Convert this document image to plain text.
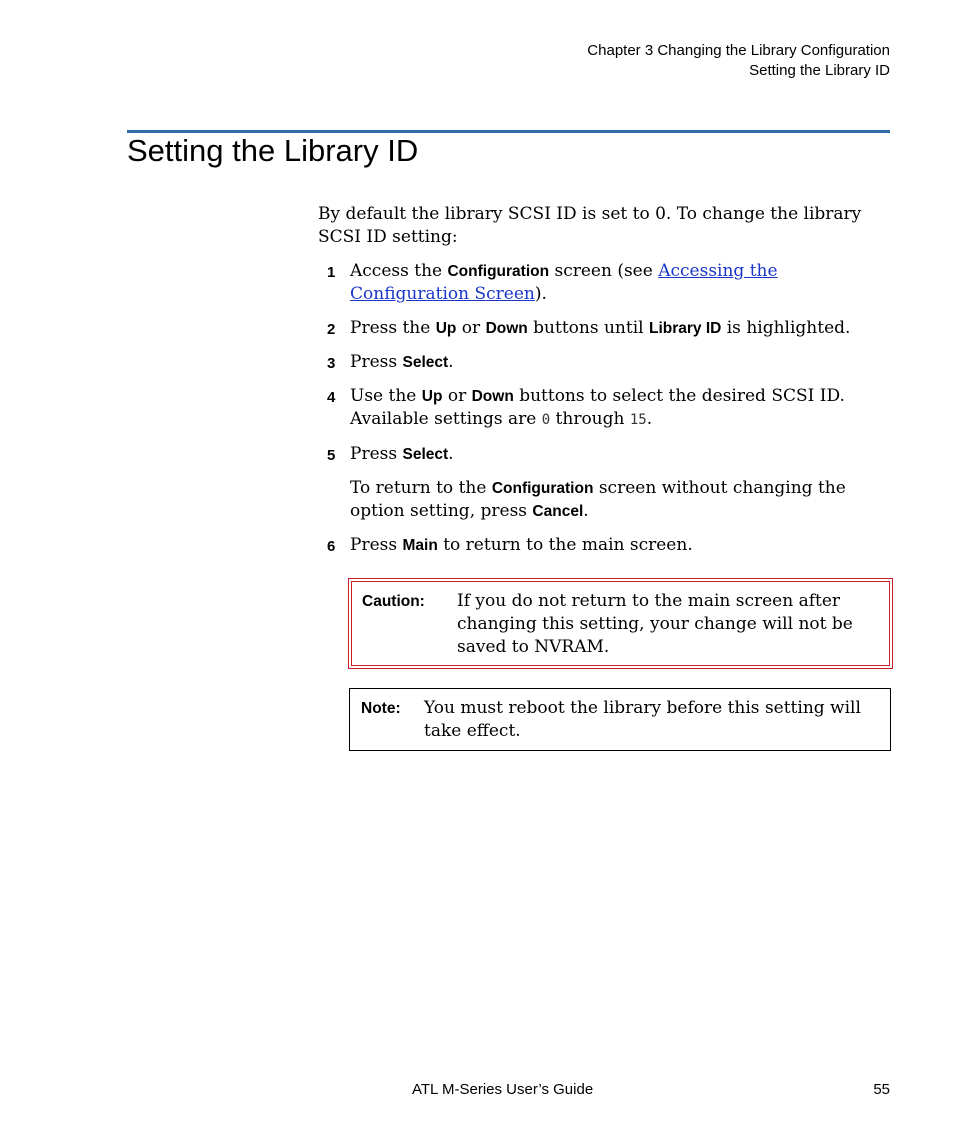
Chapter 3 Changing the Library Configuration
Setting the Library ID
Setting the Library ID
By default the library SCSI ID is set to 0. To change the library SCSI ID setting:
1 Access the Configuration screen (see Accessing the Configuration Screen).
2 Press the Up or Down buttons until Library ID is highlighted.
3 Press Select.
4 Use the Up or Down buttons to select the desired SCSI ID. Available settings are 0 through 15.
5 Press Select.
To return to the Configuration screen without changing the option setting, press Cancel.
6 Press Main to return to the main screen.
Caution: If you do not return to the main screen after changing this setting, your change will not be saved to NVRAM.
Note: You must reboot the library before this setting will take effect.
ATL M-Series User’s Guide	55
